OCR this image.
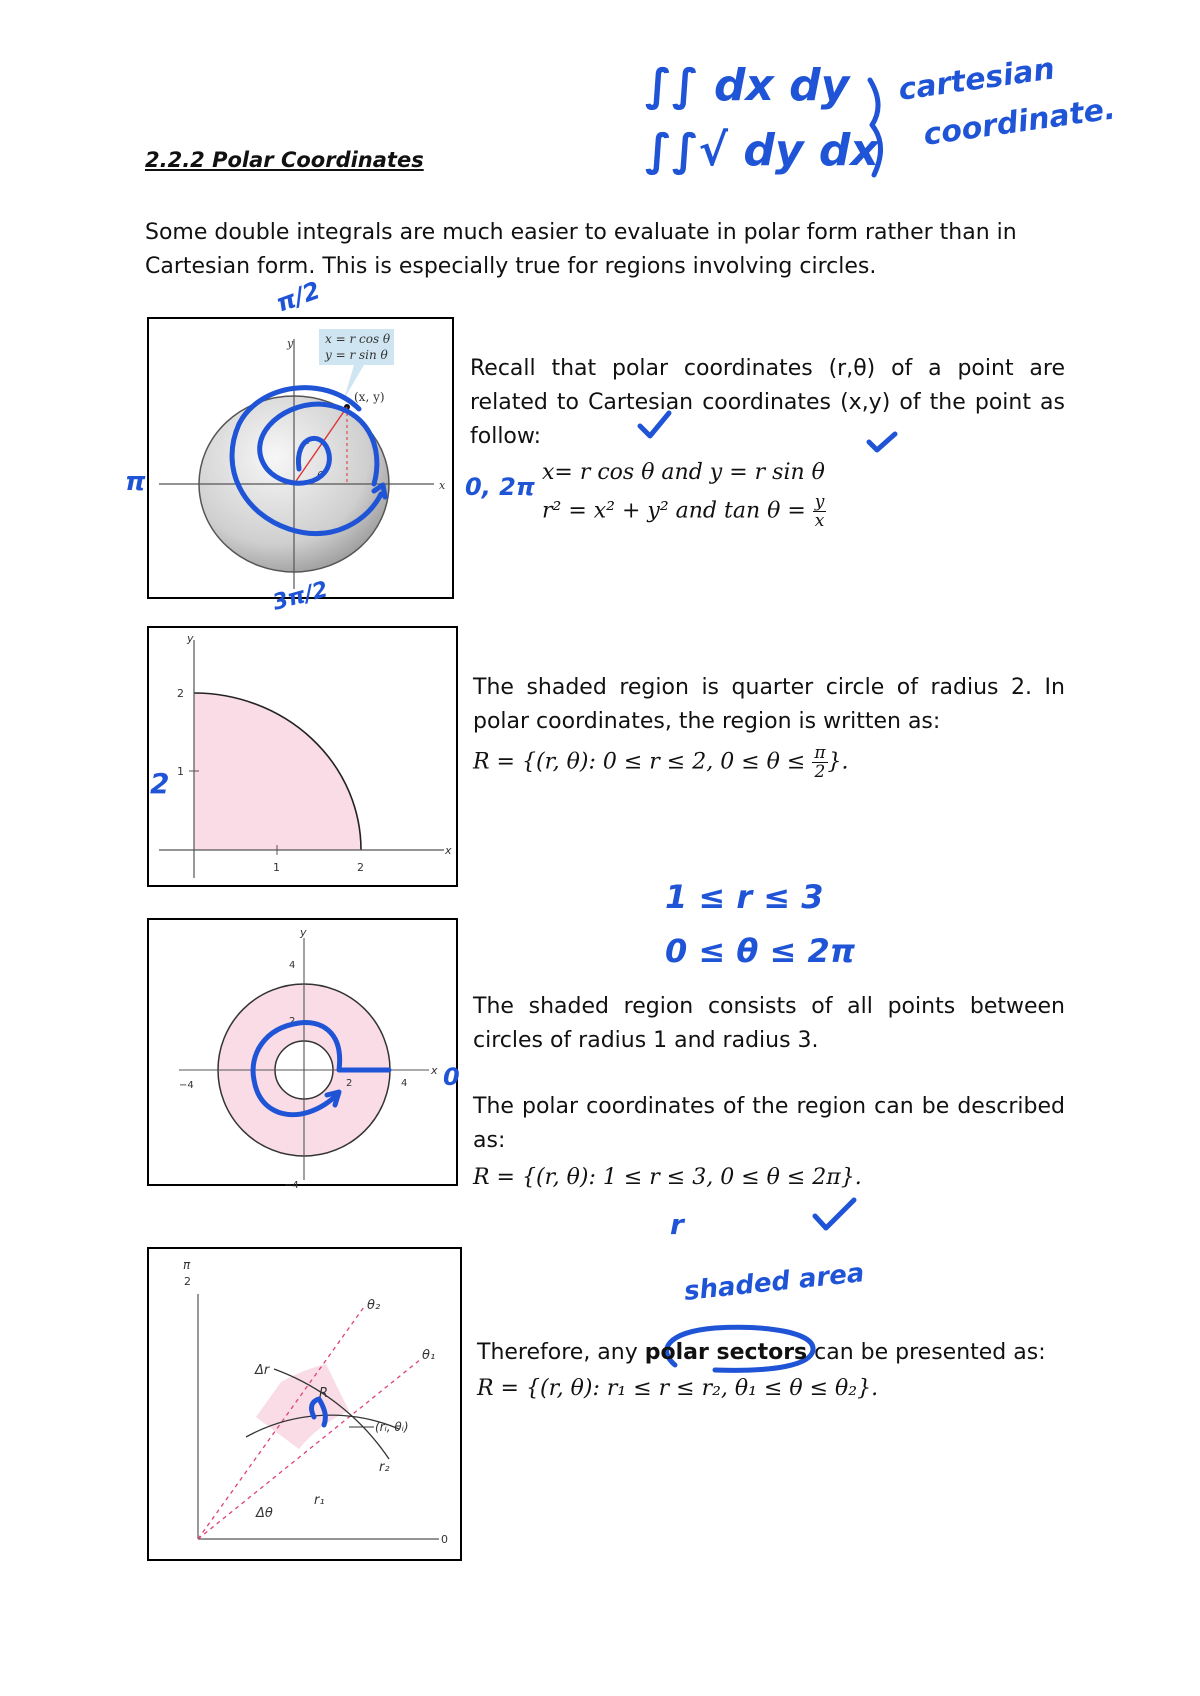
∫∫ dx dy
∫∫√ dy dx
cartesian
coordinate.
2.2.2 Polar Coordinates
Some double integrals are much easier to evaluate in polar form rather than in Cartesian form. This is especially true for regions involving circles.
x
y	x = r cos θ
y = r sin θ
(x, y)
r
θ
π/2
π	0, 2π
3π/2
Recall that polar coordinates (r,θ) of a point are related to Cartesian coordinates (x,y) of the point as follow:
x= r cos θ and y = r sin θ
r² = x² + y² and $\tan \theta = \frac{y}{x}$
x
y
1	2
1
2
2
The shaded region is quarter circle of radius 2. In polar coordinates, the region is written as:
R = {(r, θ): 0 ≤ r ≤ 2, $0 \le \theta \le \frac{\pi}{2}$ }.
1 ≤ r ≤ 3
0 ≤ θ ≤ 2π
x
y
−4	2	4
4
2
−4
0
The shaded region consists of all points between circles of radius 1 and radius 3.
The polar coordinates of the region can be described as:
R = {(r, θ): 1 ≤ r ≤ 3, 0 ≤ θ ≤ 2π}.
r
π
2
0
θ₂
θ₁
Δr
R
(rᵢ, θᵢ)
r₂
r₁
Δθ
shaded area
Therefore, any polar sectors can be presented as:
R = {(r, θ): r₁ ≤ r ≤ r₂, θ₁ ≤ θ ≤ θ₂}.
